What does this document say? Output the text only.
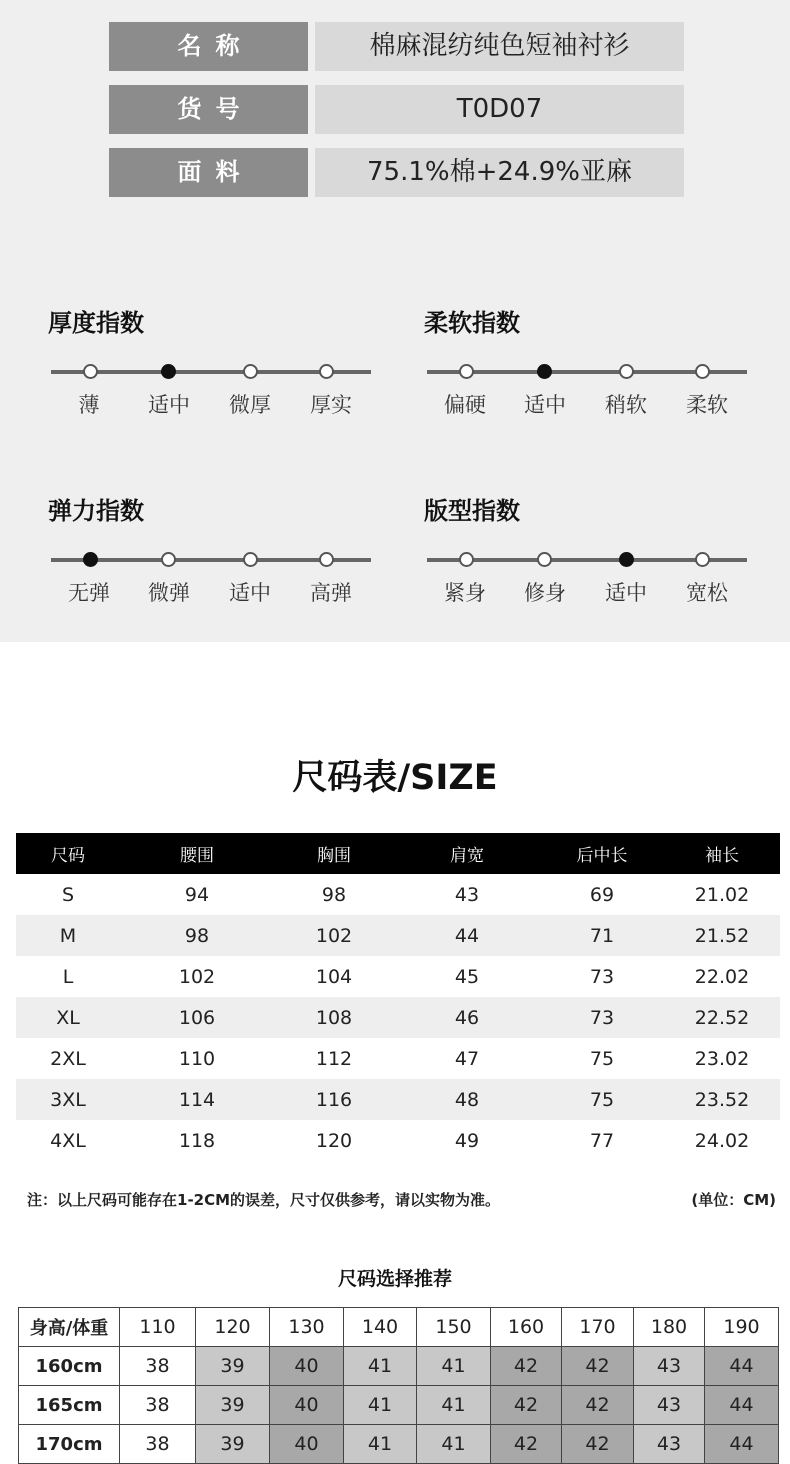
名称	棉麻混纺纯色短袖衬衫
货号	T0D07
面料	75.1%棉+24.9%亚麻
厚度指数
薄	适中	微厚	厚实
柔软指数
偏硬	适中	稍软	柔软
弹力指数
无弹	微弹	适中	高弹
版型指数
紧身	修身	适中	宽松
尺码表/SIZE
尺码	腰围	胸围	肩宽	后中长	袖长
S	94	98	43	69	21.02
M	98	102	44	71	21.52
L	102	104	45	73	22.02
XL	106	108	46	73	22.52
2XL	110	112	47	75	23.02
3XL	114	116	48	75	23.52
4XL	118	120	49	77	24.02
注：以上尺码可能存在1-2CM的误差，尺寸仅供参考，请以实物为准。	(单位：CM)
尺码选择推荐
身高/体重	110	120	130	140	150	160	170	180	190
160cm	38	39	40	41	41	42	42	43	44
165cm	38	39	40	41	41	42	42	43	44
170cm	38	39	40	41	41	42	42	43	44
